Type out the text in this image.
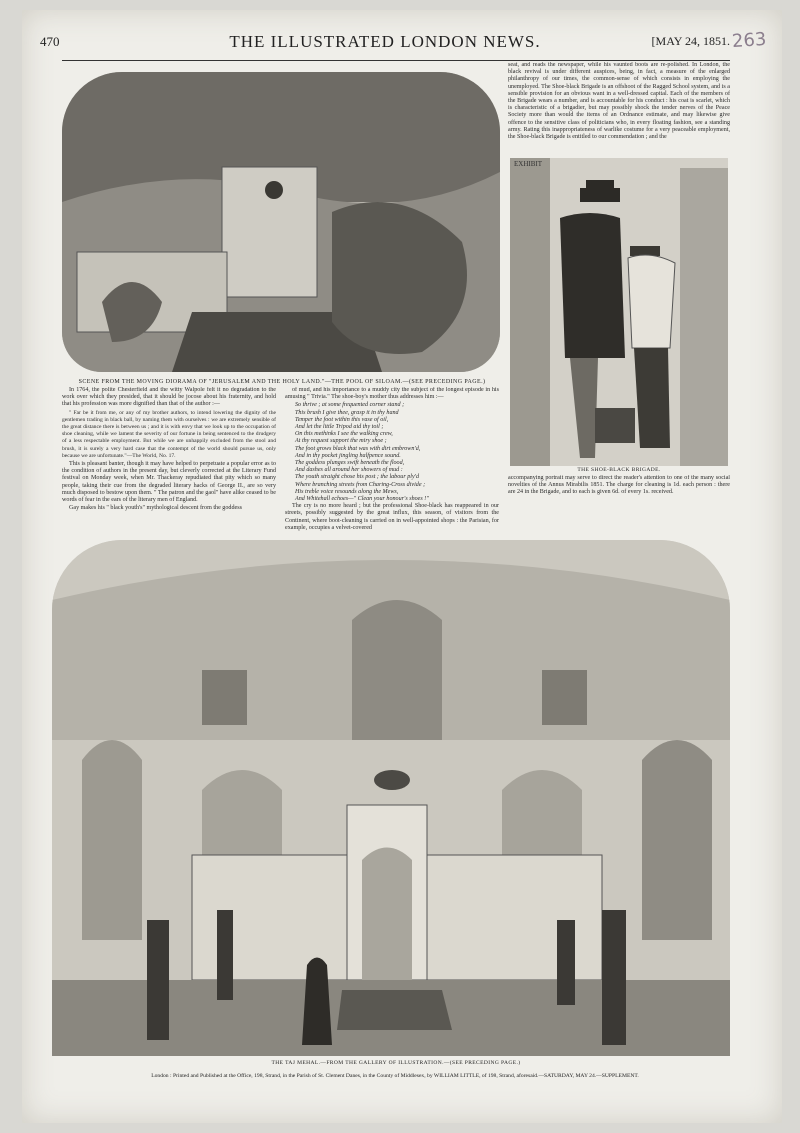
470	THE ILLUSTRATED LONDON NEWS.	[MAY 24, 1851. 263
SCENE FROM THE MOVING DIORAMA OF "JERUSALEM AND THE HOLY LAND."—THE POOL OF SILOAM.—(SEE PRECEDING PAGE.)
THE SHOE-BLACK BRIGADE.
EXHIBIT

In 1764, the polite Chesterfield and the witty Walpole felt it no degradation to the work over which they presided, that it should be jocose about his fraternity, and hold that his profession was more dignified than that of the author :—

" Far be it from me, or any of my brother authors, to intend lowering the dignity of the gentlemen trading in black ball, by naming them with ourselves : we are extremely sensible of the great distance there is between us ; and it is with envy that we look up to the occupation of shoe cleaning, while we lament the severity of our fortune in being sentenced to the drudgery of a less respectable employment. But while we are unhappily excluded from the stool and brush, it is surely a very hard case that the contempt of the world should pursue us, only because we are unfortunate."—The World, No. 17.

This is pleasant banter, though it may have helped to perpetuate a popular error as to the condition of authors in the present day, but cleverly corrected at the Literary Fund festival on Monday week, when Mr. Thackeray repudiated that pity which so many people, taking their cue from the degraded literary hacks of George II., are so very much disposed to bestow upon them. " The patron and the gaol" have alike ceased to be words of fear in the ears of the literary men of England.

Gay makes his " black youth's" mythological descent from the goddess

of mud, and his importance to a muddy city the subject of the longest episode in his amusing " Trivia." The shoe-boy's mother thus addresses him :—

So thrive ; at some frequented corner stand ;
This brush I give thee, grasp it in thy hand
Temper the foot within this vase of oil,
And let the little Tripod aid thy toil ;
On this methinks I see the walking crew,
At thy request support the miry shoe ;
The foot grows black that was with dirt embrown'd,
And in thy pocket jingling halfpence sound.
The goddess plunges swift beneath the flood,
And dashes all around her showers of mud :
The youth straight chose his post ; the labour ply'd
Where branching streets from Charing-Cross divide ;
His treble voice resounds along the Mews,
And Whitehall echoes—" Clean your honour's shoes !"

The cry is no more heard ; but the professional Shoe-black has reappeared in our streets, possibly suggested by the great influx, this season, of visitors from the Continent, where boot-cleaning is carried on in well-appointed shops : the Parisian, for example, occupies a velvet-covered

seat, and reads the newspaper, while his vaunted boots are re-polished. In London, the black revival is under different auspices, being, in fact, a measure of the enlarged philanthropy of our times, the common-sense of which consists in employing the unemployed. The Shoe-black Brigade is an offshoot of the Ragged School system, and is a sensible provision for an obvious want in a well-dressed capital. Each of the members of the Brigade wears a number, and is accountable for his conduct : his coat is scarlet, which is characteristic of a brigadier, but may possibly shock the tender nerves of the Peace Society more than would the items of an Ordnance estimate, and may likewise give offence to the sensitive class of politicians who, in every floating fashion, see a standing army. Rating this inappropriateness of warlike costume for a very peaceable employment, the Shoe-black Brigade is entitled to our commendation ; and the

accompanying portrait may serve to direct the reader's attention to one of the many social novelties of the Annus Mirabilis 1851. The charge for cleaning is 1d. each person : there are 24 in the Brigade, and to each is given 6d. of every 1s. received.

THE TAJ MEHAL.—FROM THE GALLERY OF ILLUSTRATION.—(SEE PRECEDING PAGE.)
London : Printed and Published at the Office, 198, Strand, in the Parish of St. Clement Danes, in the County of Middlesex, by WILLIAM LITTLE, of 198, Strand, aforesaid.—SATURDAY, MAY 24.—SUPPLEMENT.
